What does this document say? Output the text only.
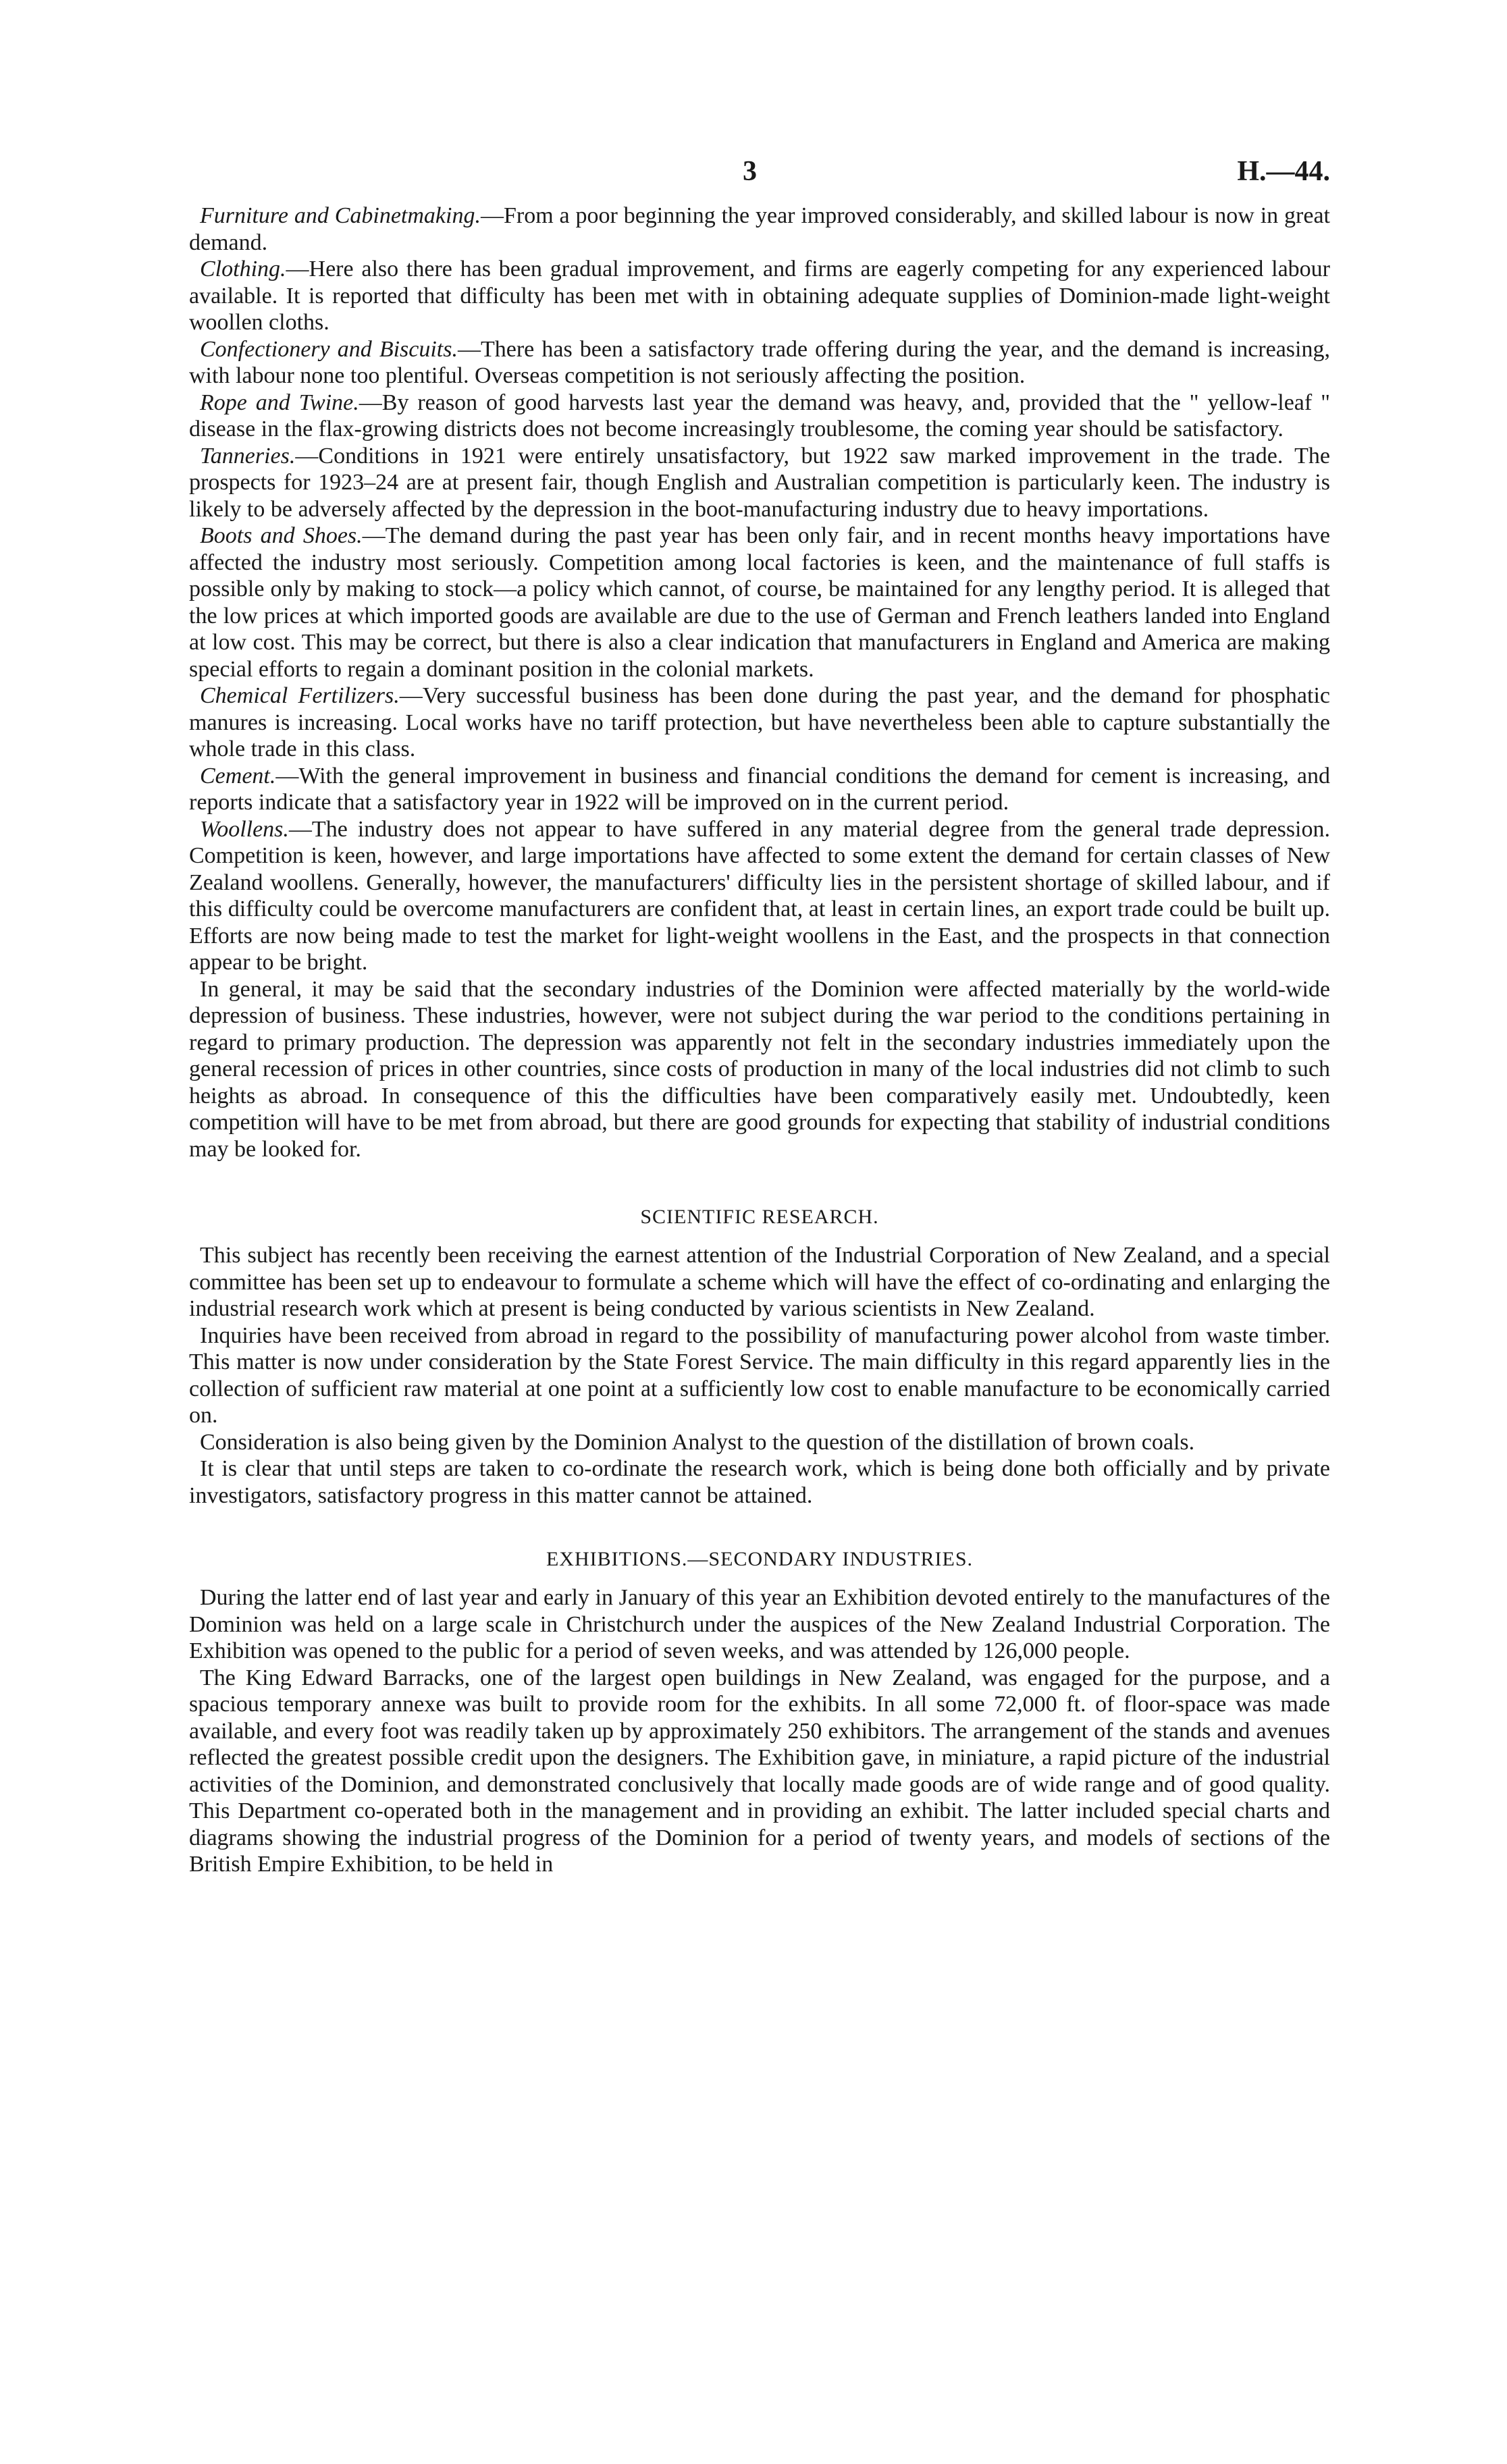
3	H.—44.

Furniture and Cabinetmaking.—From a poor beginning the year improved considerably, and skilled labour is now in great demand.

Clothing.—Here also there has been gradual improvement, and firms are eagerly competing for any experienced labour available. It is reported that difficulty has been met with in obtaining adequate supplies of Dominion-made light-weight woollen cloths.

Confectionery and Biscuits.—There has been a satisfactory trade offering during the year, and the demand is increasing, with labour none too plentiful. Overseas competition is not seriously affecting the position.

Rope and Twine.—By reason of good harvests last year the demand was heavy, and, provided that the " yellow-leaf " disease in the flax-growing districts does not become increasingly troublesome, the coming year should be satisfactory.

Tanneries.—Conditions in 1921 were entirely unsatisfactory, but 1922 saw marked improvement in the trade. The prospects for 1923–24 are at present fair, though English and Australian competition is particularly keen. The industry is likely to be adversely affected by the depression in the boot-manufacturing industry due to heavy importations.

Boots and Shoes.—The demand during the past year has been only fair, and in recent months heavy importations have affected the industry most seriously. Competition among local factories is keen, and the maintenance of full staffs is possible only by making to stock—a policy which cannot, of course, be maintained for any lengthy period. It is alleged that the low prices at which imported goods are available are due to the use of German and French leathers landed into England at low cost. This may be correct, but there is also a clear indication that manufacturers in England and America are making special efforts to regain a dominant position in the colonial markets.

Chemical Fertilizers.—Very successful business has been done during the past year, and the demand for phosphatic manures is increasing. Local works have no tariff protection, but have nevertheless been able to capture substantially the whole trade in this class.

Cement.—With the general improvement in business and financial conditions the demand for cement is increasing, and reports indicate that a satisfactory year in 1922 will be improved on in the current period.

Woollens.—The industry does not appear to have suffered in any material degree from the general trade depression. Competition is keen, however, and large importations have affected to some extent the demand for certain classes of New Zealand woollens. Generally, however, the manufacturers' difficulty lies in the persistent shortage of skilled labour, and if this difficulty could be overcome manufacturers are confident that, at least in certain lines, an export trade could be built up. Efforts are now being made to test the market for light-weight woollens in the East, and the prospects in that connection appear to be bright.

In general, it may be said that the secondary industries of the Dominion were affected materially by the world-wide depression of business. These industries, however, were not subject during the war period to the conditions pertaining in regard to primary production. The depression was apparently not felt in the secondary industries immediately upon the general recession of prices in other countries, since costs of production in many of the local industries did not climb to such heights as abroad. In consequence of this the difficulties have been comparatively easily met. Undoubtedly, keen competition will have to be met from abroad, but there are good grounds for expecting that stability of industrial conditions may be looked for.

SCIENTIFIC RESEARCH.

This subject has recently been receiving the earnest attention of the Industrial Corporation of New Zealand, and a special committee has been set up to endeavour to formulate a scheme which will have the effect of co-ordinating and enlarging the industrial research work which at present is being conducted by various scientists in New Zealand.

Inquiries have been received from abroad in regard to the possibility of manufacturing power alcohol from waste timber. This matter is now under consideration by the State Forest Service. The main difficulty in this regard apparently lies in the collection of sufficient raw material at one point at a sufficiently low cost to enable manufacture to be economically carried on.

Consideration is also being given by the Dominion Analyst to the question of the distillation of brown coals.

It is clear that until steps are taken to co-ordinate the research work, which is being done both officially and by private investigators, satisfactory progress in this matter cannot be attained.

EXHIBITIONS.—SECONDARY INDUSTRIES.

During the latter end of last year and early in January of this year an Exhibition devoted entirely to the manufactures of the Dominion was held on a large scale in Christchurch under the auspices of the New Zealand Industrial Corporation. The Exhibition was opened to the public for a period of seven weeks, and was attended by 126,000 people.

The King Edward Barracks, one of the largest open buildings in New Zealand, was engaged for the purpose, and a spacious temporary annexe was built to provide room for the exhibits. In all some 72,000 ft. of floor-space was made available, and every foot was readily taken up by approximately 250 exhibitors. The arrangement of the stands and avenues reflected the greatest possible credit upon the designers. The Exhibition gave, in miniature, a rapid picture of the industrial activities of the Dominion, and demonstrated conclusively that locally made goods are of wide range and of good quality. This Department co-operated both in the management and in providing an exhibit. The latter included special charts and diagrams showing the industrial progress of the Dominion for a period of twenty years, and models of sections of the British Empire Exhibition, to be held in
